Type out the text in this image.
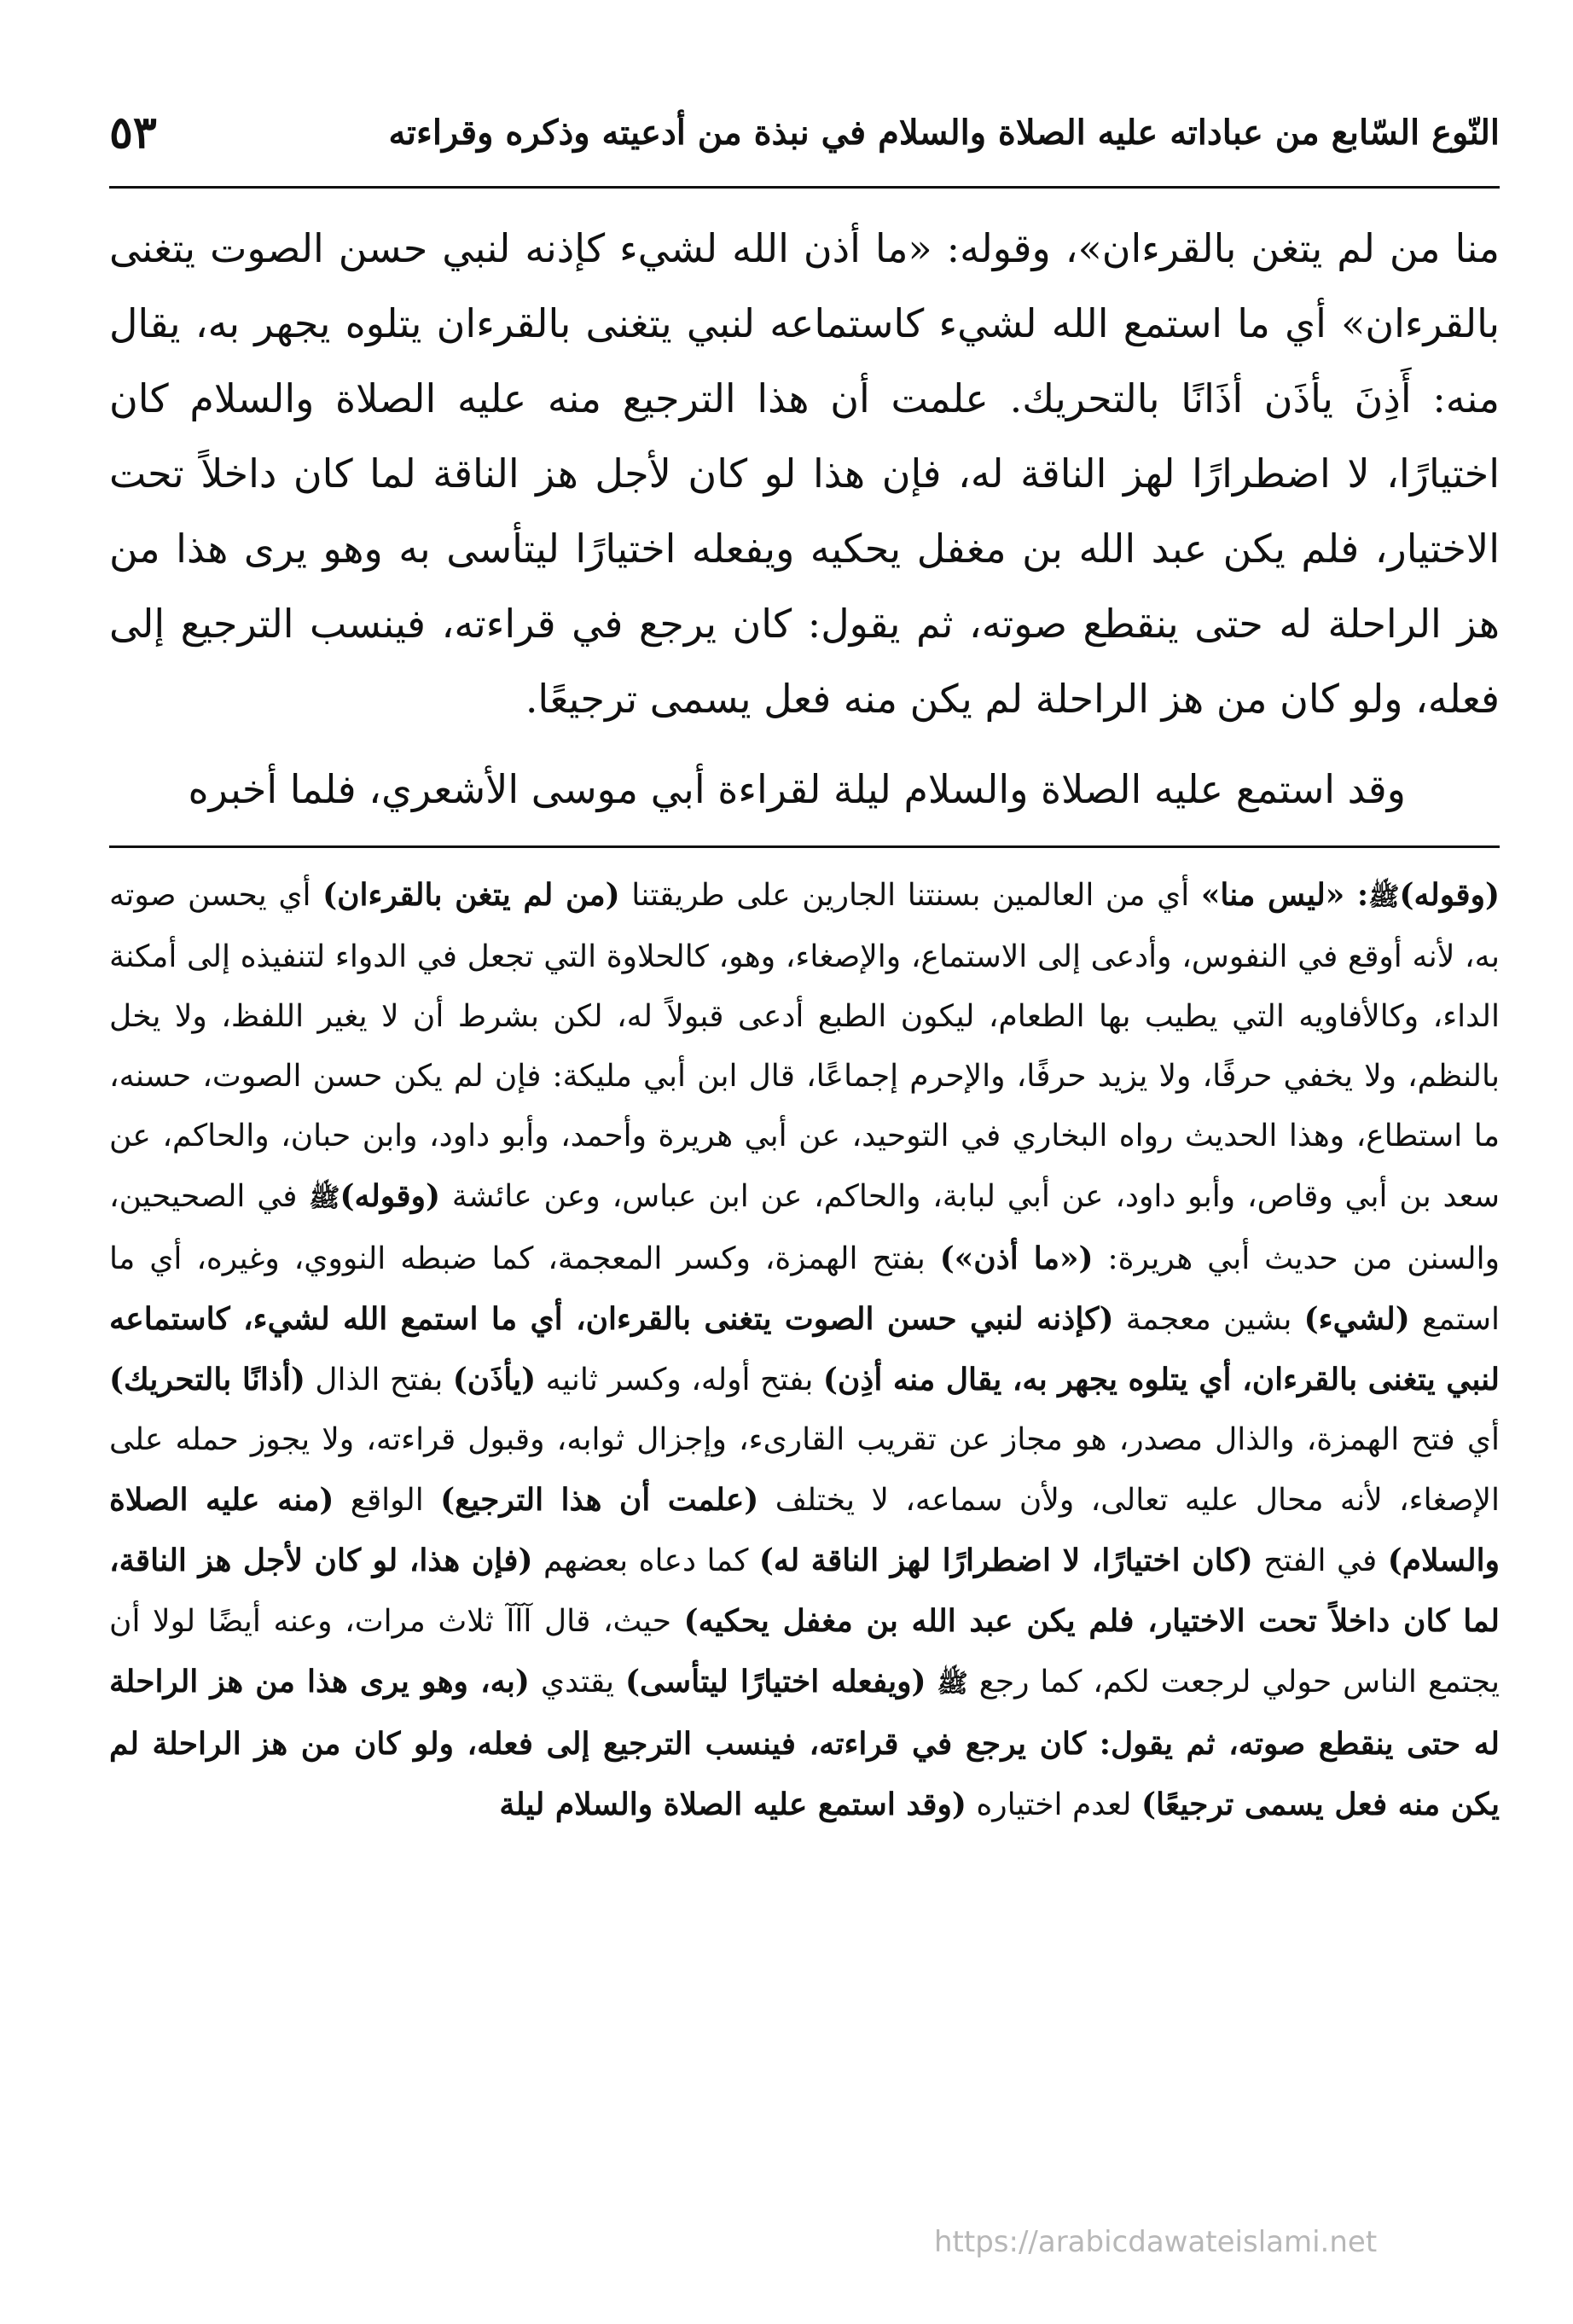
النّوع السّابع من عباداته عليه الصلاة والسلام في نبذة من أدعيته وذكره وقراءته
٥٣

منا من لم يتغن بالقرءان»، وقوله: «ما أذن الله لشيء كإذنه لنبي حسن الصوت يتغنى بالقرءان» أي ما استمع الله لشيء كاستماعه لنبي يتغنى بالقرءان يتلوه يجهر به، يقال منه: أَذِنَ يأذَن أذَانًا بالتحريك. علمت أن هذا الترجيع منه عليه الصلاة والسلام كان اختيارًا، لا اضطرارًا لهز الناقة له، فإن هذا لو كان لأجل هز الناقة لما كان داخلاً تحت الاختيار، فلم يكن عبد الله بن مغفل يحكيه ويفعله اختيارًا ليتأسى به وهو يرى هذا من هز الراحلة له حتى ينقطع صوته، ثم يقول: كان يرجع في قراءته، فينسب الترجيع إلى فعله، ولو كان من هز الراحلة لم يكن منه فعل يسمى ترجيعًا.

وقد استمع عليه الصلاة والسلام ليلة لقراءة أبي موسى الأشعري، فلما أخبره

(وقوله)ﷺ: «ليس منا» أي من العالمين بسنتنا الجارين على طريقتنا (من لم يتغن بالقرءان) أي يحسن صوته به، لأنه أوقع في النفوس، وأدعى إلى الاستماع، والإصغاء، وهو، كالحلاوة التي تجعل في الدواء لتنفيذه إلى أمكنة الداء، وكالأفاويه التي يطيب بها الطعام، ليكون الطبع أدعى قبولاً له، لكن بشرط أن لا يغير اللفظ، ولا يخل بالنظم، ولا يخفي حرفًا، ولا يزيد حرفًا، والإحرم إجماعًا، قال ابن أبي مليكة: فإن لم يكن حسن الصوت، حسنه، ما استطاع، وهذا الحديث رواه البخاري في التوحيد، عن أبي هريرة وأحمد، وأبو داود، وابن حبان، والحاكم، عن سعد بن أبي وقاص، وأبو داود، عن أبي لبابة، والحاكم، عن ابن عباس، وعن عائشة (وقوله)ﷺ في الصحيحين، والسنن من حديث أبي هريرة: («ما أذن») بفتح الهمزة، وكسر المعجمة، كما ضبطه النووي، وغيره، أي ما استمع (لشيء) بشين معجمة (كإذنه لنبي حسن الصوت يتغنى بالقرءان، أي ما استمع الله لشيء، كاستماعه لنبي يتغنى بالقرءان، أي يتلوه يجهر به، يقال منه أذِن) بفتح أوله، وكسر ثانيه (يأذَن) بفتح الذال (أذانًا بالتحريك) أي فتح الهمزة، والذال مصدر، هو مجاز عن تقريب القارىء، وإجزال ثوابه، وقبول قراءته، ولا يجوز حمله على الإصغاء، لأنه محال عليه تعالى، ولأن سماعه، لا يختلف (علمت أن هذا الترجيع) الواقع (منه عليه الصلاة والسلام) في الفتح (كان اختيارًا، لا اضطرارًا لهز الناقة له) كما دعاه بعضهم (فإن هذا، لو كان لأجل هز الناقة، لما كان داخلاً تحت الاختيار، فلم يكن عبد الله بن مغفل يحكيه) حيث، قال آآآ ثلاث مرات، وعنه أيضًا لولا أن يجتمع الناس حولي لرجعت لكم، كما رجع ﷺ (ويفعله اختيارًا ليتأسى) يقتدي (به، وهو يرى هذا من هز الراحلة له حتى ينقطع صوته، ثم يقول: كان يرجع في قراءته، فينسب الترجيع إلى فعله، ولو كان من هز الراحلة لم يكن منه فعل يسمى ترجيعًا) لعدم اختياره (وقد استمع عليه الصلاة والسلام ليلة

https://arabicdawateislami.net
